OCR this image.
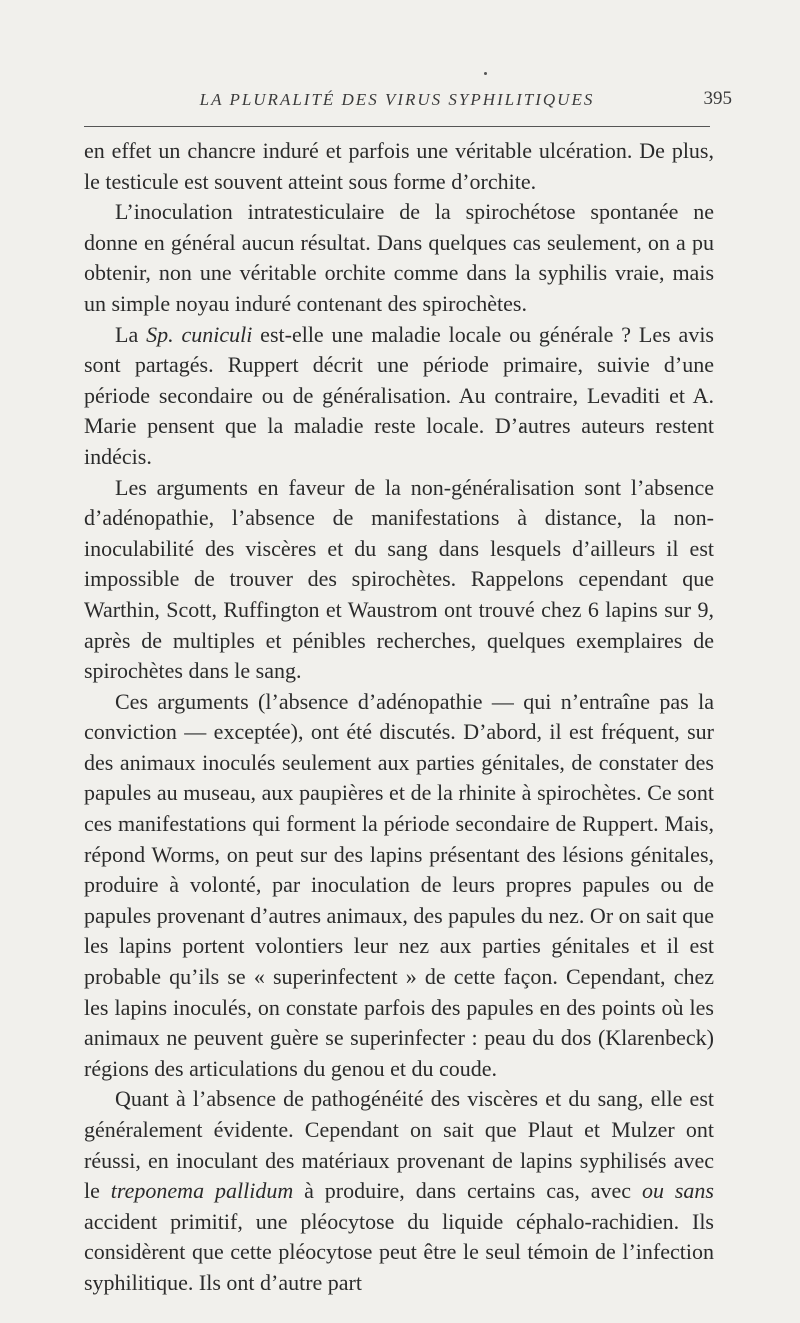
LA PLURALITÉ DES VIRUS SYPHILITIQUES	395

en effet un chancre induré et parfois une véritable ulcération. De plus, le testicule est souvent atteint sous forme d’orchite.

L’inoculation intratesticulaire de la spirochétose spontanée ne donne en général aucun résultat. Dans quelques cas seulement, on a pu obtenir, non une véritable orchite comme dans la syphilis vraie, mais un simple noyau induré contenant des spirochètes.

La Sp. cuniculi est-elle une maladie locale ou générale ? Les avis sont partagés. Ruppert décrit une période primaire, suivie d’une période secondaire ou de généralisation. Au contraire, Levaditi et A. Marie pensent que la maladie reste locale. D’autres auteurs restent indécis.

Les arguments en faveur de la non-généralisation sont l’absence d’adénopathie, l’absence de manifestations à distance, la non-inoculabilité des viscères et du sang dans lesquels d’ailleurs il est impossible de trouver des spirochètes. Rappelons cependant que Warthin, Scott, Ruffington et Waustrom ont trouvé chez 6 lapins sur 9, après de multiples et pénibles recherches, quelques exemplaires de spirochètes dans le sang.

Ces arguments (l’absence d’adénopathie — qui n’entraîne pas la conviction — exceptée), ont été discutés. D’abord, il est fréquent, sur des animaux inoculés seulement aux parties génitales, de constater des papules au museau, aux paupières et de la rhinite à spirochètes. Ce sont ces manifestations qui forment la période secondaire de Ruppert. Mais, répond Worms, on peut sur des lapins présentant des lésions génitales, produire à volonté, par inoculation de leurs propres papules ou de papules provenant d’autres animaux, des papules du nez. Or on sait que les lapins portent volontiers leur nez aux parties génitales et il est probable qu’ils se « superinfectent » de cette façon. Cependant, chez les lapins inoculés, on constate parfois des papules en des points où les animaux ne peuvent guère se superinfecter : peau du dos (Klarenbeck) régions des articulations du genou et du coude.

Quant à l’absence de pathogénéité des viscères et du sang, elle est généralement évidente. Cependant on sait que Plaut et Mulzer ont réussi, en inoculant des matériaux provenant de lapins syphilisés avec le treponema pallidum à produire, dans certains cas, avec ou sans accident primitif, une pléocytose du liquide céphalo-rachidien. Ils considèrent que cette pléocytose peut être le seul témoin de l’infection syphilitique. Ils ont d’autre part
